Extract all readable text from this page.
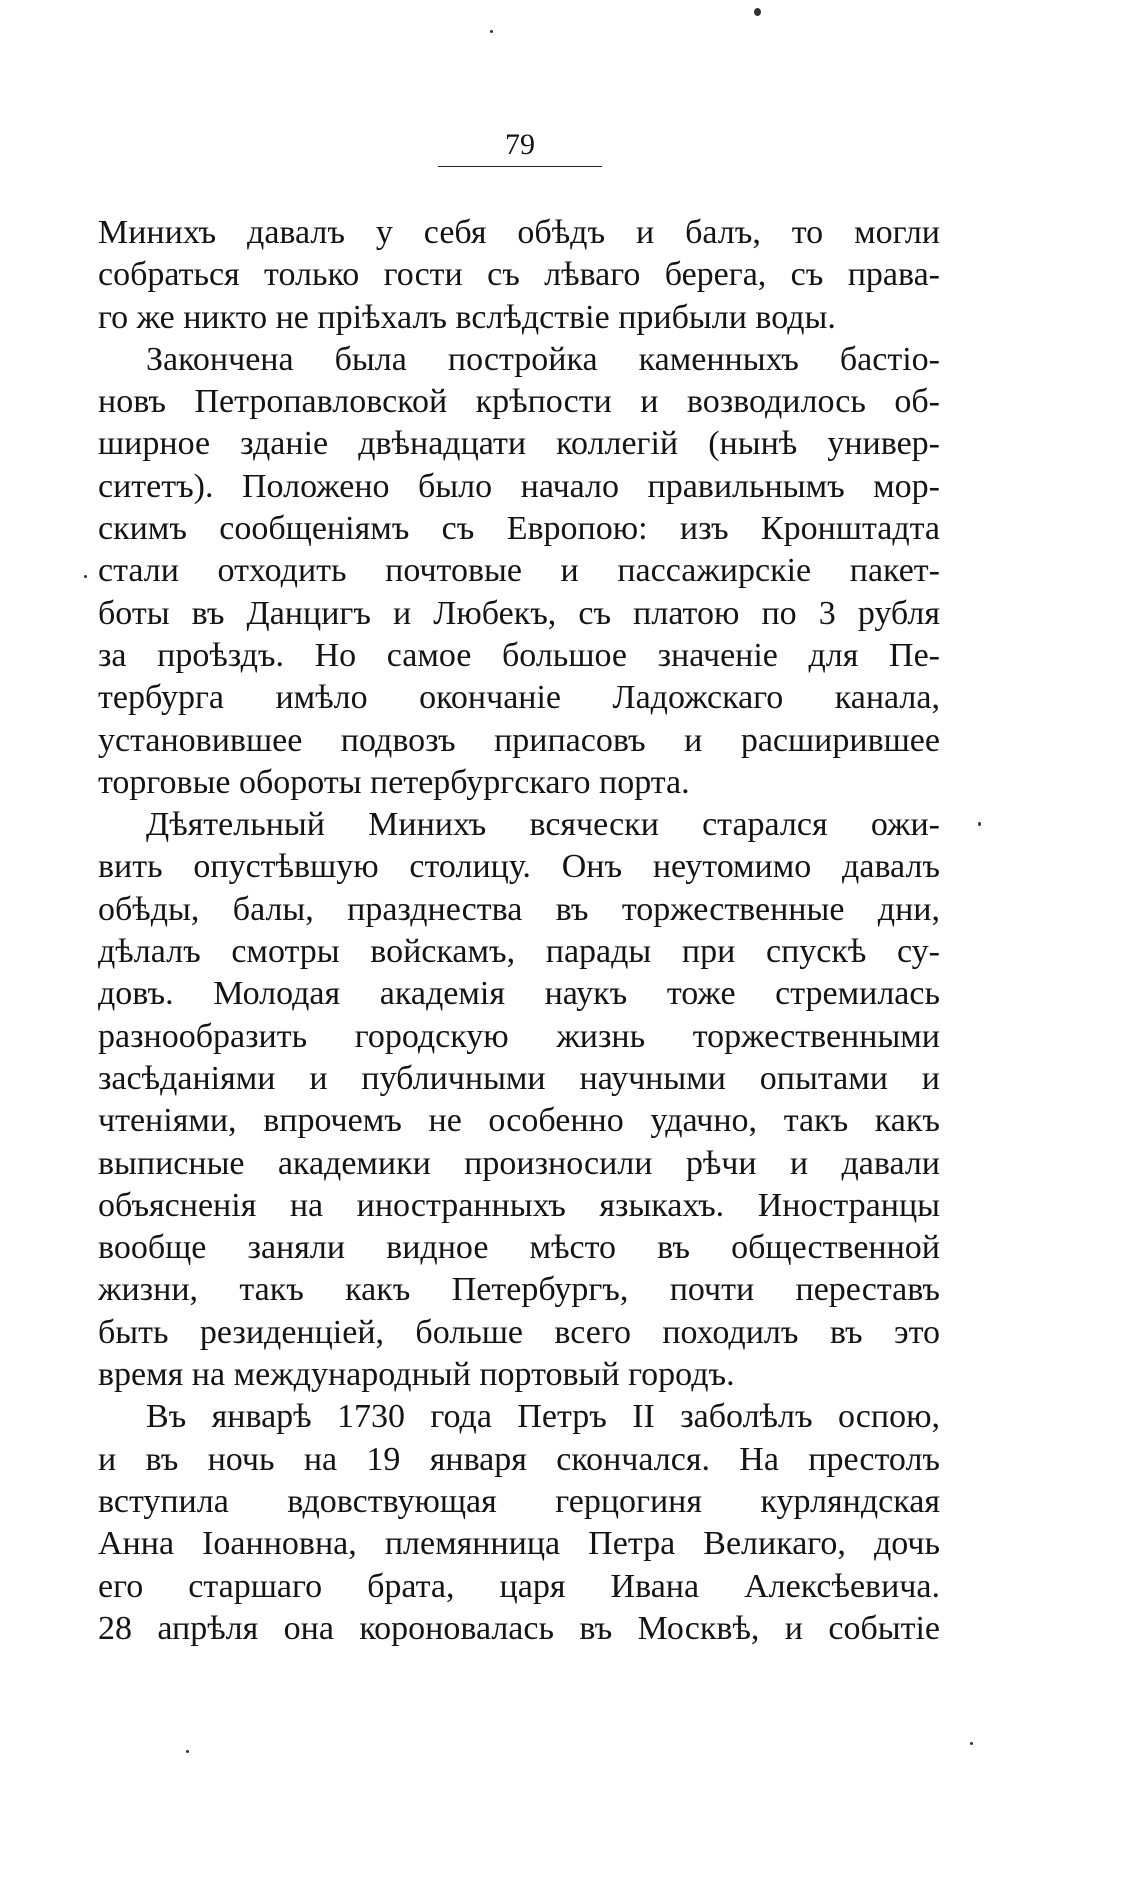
79

Минихъ давалъ у себя обѣдъ и балъ, то могли
собраться только гости съ лѣваго берега, съ права-
го же никто не пріѣхалъ вслѣдствіе прибыли воды.
Закончена была постройка каменныхъ бастіо-
новъ Петропавловской крѣпости и возводилось об-
ширное зданіе двѣнадцати коллегій (нынѣ универ-
ситетъ). Положено было начало правильнымъ мор-
скимъ сообщеніямъ съ Европою: изъ Кронштадта
стали отходить почтовые и пассажирскіе пакет-
боты въ Данцигъ и Любекъ, съ платою по 3 рубля
за проѣздъ. Но самое большое значеніе для Пе-
тербурга имѣло окончаніе Ладожскаго канала,
установившее подвозъ припасовъ и расширившее
торговые обороты петербургскаго порта.
Дѣятельный Минихъ всячески старался ожи-
вить опустѣвшую столицу. Онъ неутомимо давалъ
обѣды, балы, празднества въ торжественные дни,
дѣлалъ смотры войскамъ, парады при спускѣ су-
довъ. Молодая академія наукъ тоже стремилась
разнообразить городскую жизнь торжественными
засѣданіями и публичными научными опытами и
чтеніями, впрочемъ не особенно удачно, такъ какъ
выписные академики произносили рѣчи и давали
объясненія на иностранныхъ языкахъ. Иностранцы
вообще заняли видное мѣсто въ общественной
жизни, такъ какъ Петербургъ, почти переставъ
быть резиденціей, больше всего походилъ въ это
время на международный портовый городъ.
Въ январѣ 1730 года Петръ II заболѣлъ оспою,
и въ ночь на 19 января скончался. На престолъ
вступила вдовствующая герцогиня курляндская
Анна Іоанновна, племянница Петра Великаго, дочь
его старшаго брата, царя Ивана Алексѣевича.
28 апрѣля она короновалась въ Москвѣ, и событіе
